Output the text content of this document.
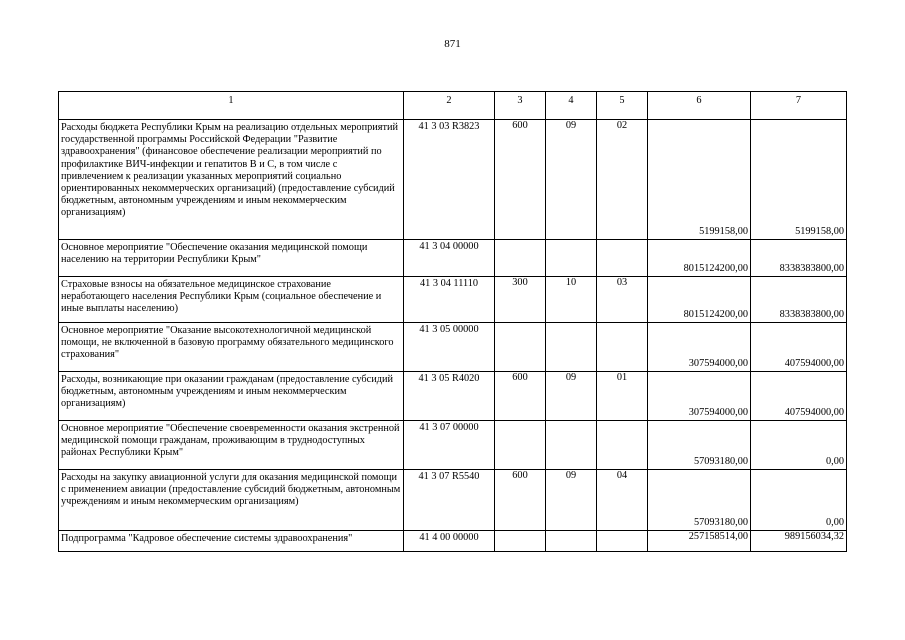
871
1	2	3	4	5	6	7
Расходы бюджета Республики Крым на реализацию отдельных мероприятий государственной программы Российской Федерации "Развитие здравоохранения" (финансовое обеспечение реализации мероприятий по профилактике ВИЧ-инфекции и гепатитов В и С, в том числе с привлечением к реализации указанных мероприятий социально ориентированных некоммерческих организаций) (предоставление субсидий бюджетным, автономным учреждениям и иным некоммерческим организациям)	41 3 03 R3823	600	09	02	5199158,00	5199158,00
Основное мероприятие "Обеспечение оказания медицинской помощи населению на территории Республики Крым"	41 3 04 00000				8015124200,00	8338383800,00
Страховые взносы на обязательное медицинское страхование неработающего населения Республики Крым (социальное обеспечение и иные выплаты населению)	41 3 04 11110	300	10	03	8015124200,00	8338383800,00
Основное мероприятие "Оказание высокотехнологичной медицинской помощи, не включенной в базовую программу обязательного медицинского страхования"	41 3 05 00000				307594000,00	407594000,00
Расходы, возникающие при оказании гражданам (предоставление субсидий бюджетным, автономным учреждениям и иным некоммерческим организациям)	41 3 05 R4020	600	09	01	307594000,00	407594000,00
Основное мероприятие "Обеспечение своевременности оказания экстренной медицинской помощи гражданам, проживающим в труднодоступных районах Республики Крым"	41 3 07 00000				57093180,00	0,00
Расходы на закупку авиационной услуги для оказания медицинской помощи с применением авиации (предоставление субсидий бюджетным, автономным учреждениям и иным некоммерческим организациям)	41 3 07 R5540	600	09	04	57093180,00	0,00
Подпрограмма "Кадровое обеспечение системы здравоохранения"	41 4 00 00000				257158514,00	989156034,32
